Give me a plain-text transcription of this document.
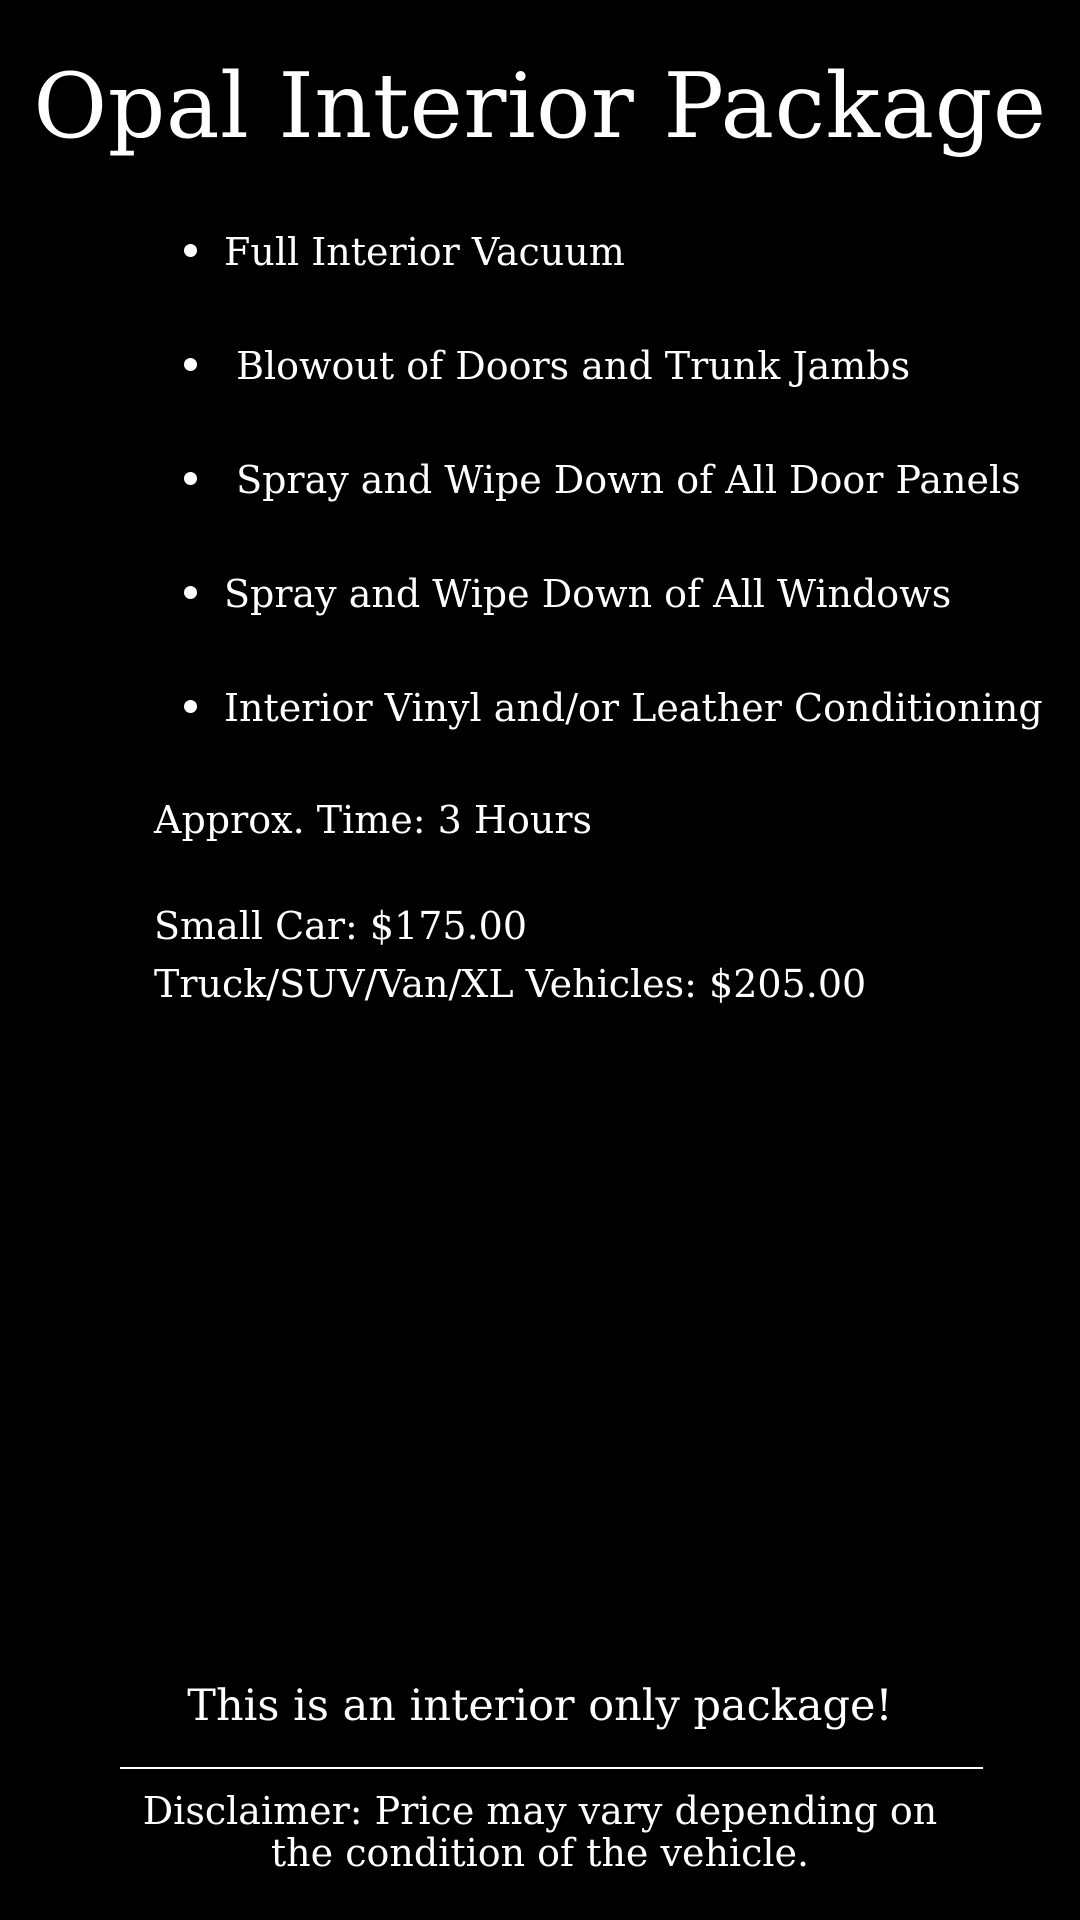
Opal Interior Package
Full Interior Vacuum
Blowout of Doors and Trunk Jambs
Spray and Wipe Down of All Door Panels
Spray and Wipe Down of All Windows
Interior Vinyl and/or Leather Conditioning
Approx. Time: 3 Hours
Small Car: $175.00
Truck/SUV/Van/XL Vehicles: $205.00
This is an interior only package!
Disclaimer: Price may vary depending on the condition of the vehicle.
